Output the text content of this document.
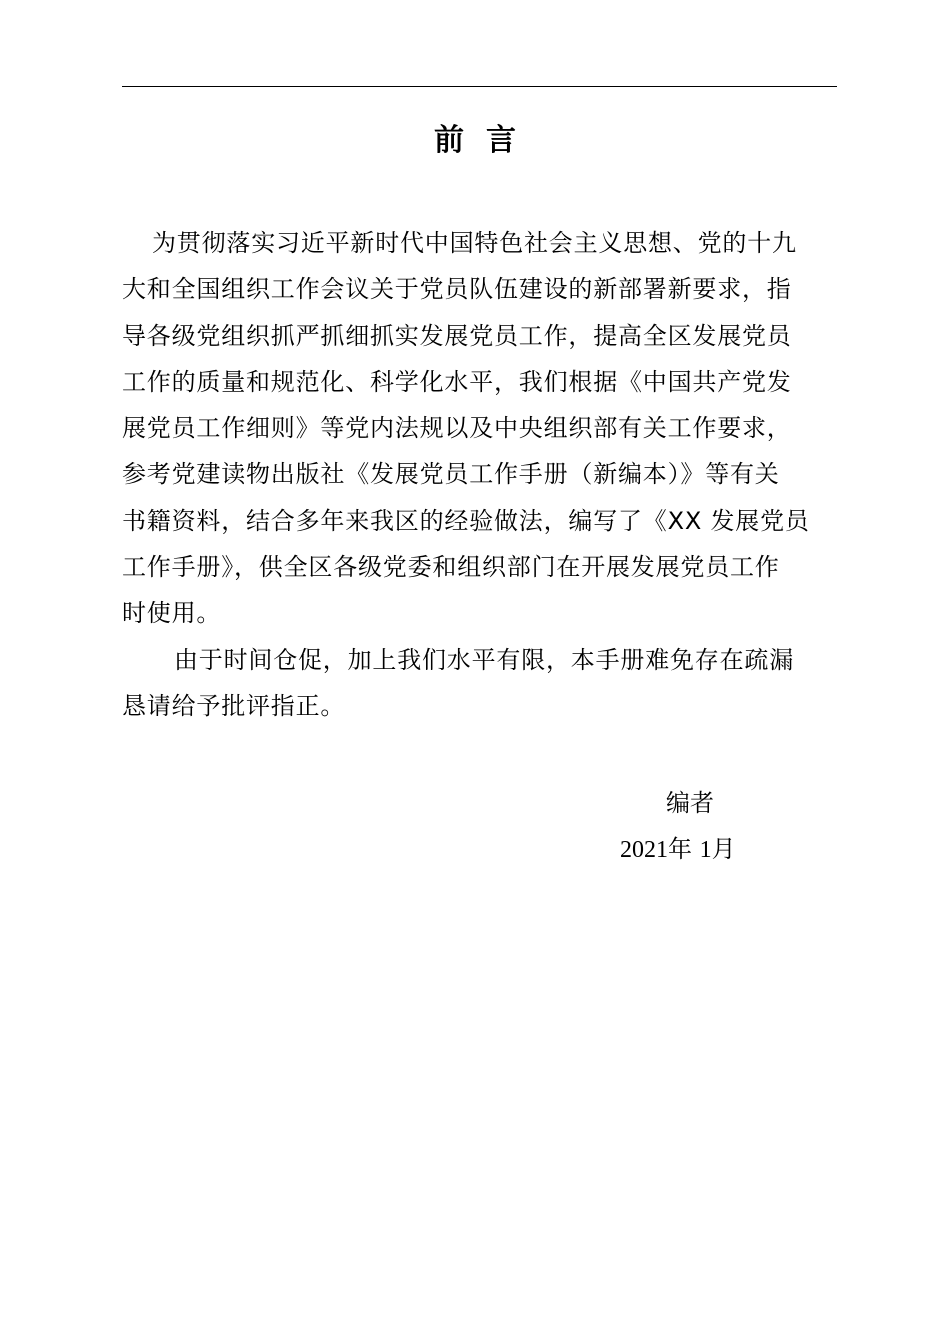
前言
为贯彻落实习近平新时代中国特色社会主义思想、党的十九
大和全国组织工作会议关于党员队伍建设的新部署新要求，指
导各级党组织抓严抓细抓实发展党员工作，提高全区发展党员
工作的质量和规范化、科学化水平，我们根据《中国共产党发
展党员工作细则》等党内法规以及中央组织部有关工作要求，
参考党建读物出版社《发展党员工作手册（新编本）》等有关
书籍资料，结合多年来我区的经验做法，编写了《XX 发展党员
工作手册》，供全区各级党委和组织部门在开展发展党员工作
时使用。
由于时间仓促，加上我们水平有限，本手册难免存在疏漏
恳请给予批评指正。
编者
2021年 1月
